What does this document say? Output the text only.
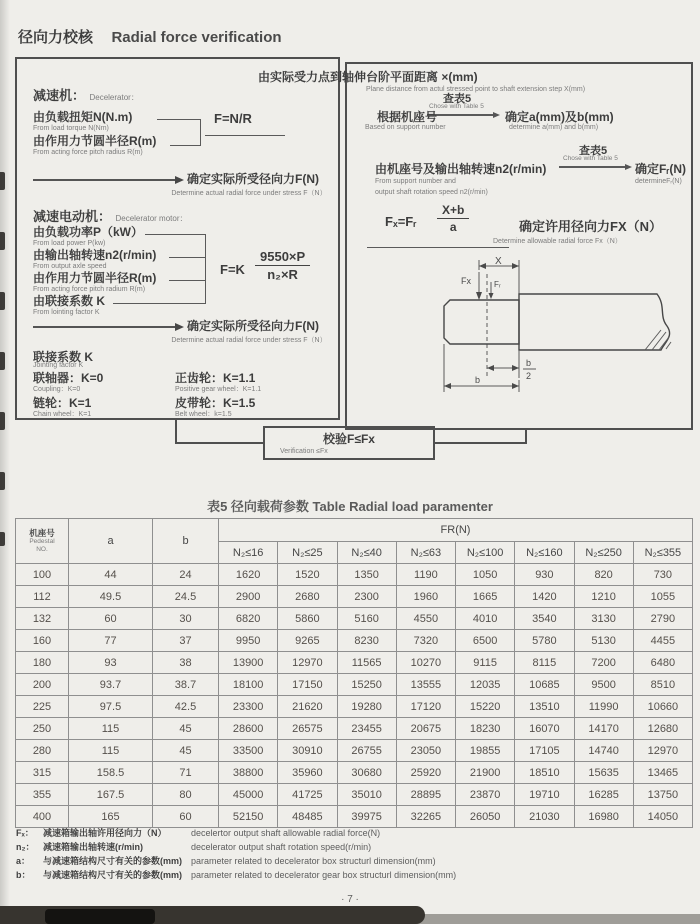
径向力校核 Radial force verification
减速机： Decelerator：
由负载扭矩N(N.m)
From load torque N(Nm)
由作用力节圆半径R(m)
From acting force pitch radius R(m)
F=N/R
确定实际所受径向力F(N)
Determine actual radial force under stress F（N）
减速电动机： Decelerator motor：
由负载功率P（kW）
From load power P(kw)
由输出轴转速n2(r/min)
From output axle speed
由作用力节圆半径R(m)
From acting force pitch radium R(m)
由联接系数 K
From lointing factor K
$F=K \frac{9550\times P}{\text{n₂×R}}$
确定实际所受径向力F(N)
Determine actual radial force under stress F（N）
联接系数 K
Jointing factor K
联轴器：K=0
Coupling：K=0
正齿轮：K=1.1
Positive gear wheel：K=1.1
链轮：K=1
Chain wheel：K=1
皮带轮：K=1.5
Belt wheel：k=1.5
查表5
Chose with Table 5
根据机座号
Based on support number
确定a(mm)及b(mm)
determine a(mm) and b(mm)
查表5
Chose with Table 5
由机座号及输出轴转速n2(r/min)	确定Fᵣ(N)
determineFᵣ(N)
From support number and
output shaft rotation speed n2(r/min)
Fₓ=Fᵣ $\frac{X+b}{a}$	确定许用径向力FX（N）
Determine allowable radial force Fx（N）
X
Fx	Fᵣ
b
2
b
由实际受力点到轴伸台阶平面距离 ×(mm)
Plane distance from actul stressed point to shaft extension step X(mm)
校验F≤Fx
Verification ≤Fx
表5 径向载荷参数 Table Radial load paramenter
机座号
Pedestal
NO.	a	b	FR(N)							
			N₂≤16	N₂≤25	N₂≤40	N₂≤63	N₂≤100	N₂≤160	N₂≤250	N₂≤355
100	44	24	1620	1520	1350	1190	1050	930	820	730
112	49.5	24.5	2900	2680	2300	1960	1665	1420	1210	1055
132	60	30	6820	5860	5160	4550	4010	3540	3130	2790
160	77	37	9950	9265	8230	7320	6500	5780	5130	4455
180	93	38	13900	12970	11565	10270	9115	8115	7200	6480
200	93.7	38.7	18100	17150	15250	13555	12035	10685	9500	8510
225	97.5	42.5	23300	21620	19280	17120	15220	13510	11990	10660
250	115	45	28600	26575	23455	20675	18230	16070	14170	12680
280	115	45	33500	30910	26755	23050	19855	17105	14740	12970
315	158.5	71	38800	35960	30680	25920	21900	18510	15635	13465
355	167.5	80	45000	41725	35010	28895	23870	19710	16285	13750
400	165	60	52150	48485	39975	32265	26050	21030	16980	14050
Fₓ：	减速箱输出轴许用径向力（N）	decelertor output shaft allowable radial force(N)
n₂： 减速箱输出轴转速(r/min)	decelerator output shaft rotation speed(r/min)
a：	与减速箱结构尺寸有关的参数(mm)	parameter related to decelerator box structurl dimension(mm)
b：	与减速箱结构尺寸有关的参数(mm)	parameter related to decelerator gear box structurl dimension(mm)
· 7 ·
